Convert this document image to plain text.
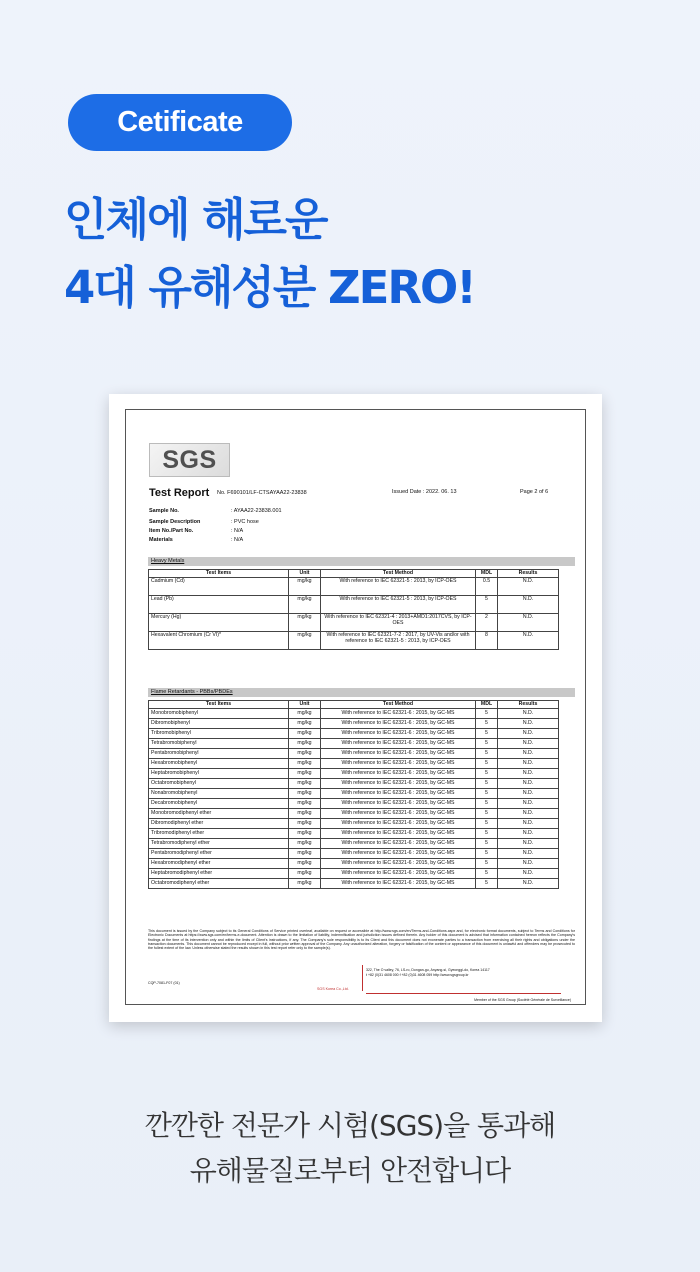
Cetificate
인체에 해로운
4대 유해성분 ZERO!
SGS
Test Report No. F690101/LF-CTSAYAA22-23838	Issued Date : 2022. 06. 13	Page 2 of 6
Sample No.	: AYAA22-23838.001
Sample Description	: PVC hose
Item No./Part No.	: N/A
Materials	: N/A
Heavy Metals
Test Items	Unit	Test Method	MDL	Results
Cadmium (Cd)	mg/kg	With reference to IEC 62321-5 : 2013, by ICP-OES	0.5	N.D.
Lead (Pb)	mg/kg	With reference to IEC 62321-5 : 2013, by ICP-OES	5	N.D.
Mercury (Hg)	mg/kg	With reference to IEC 62321-4 : 2013+AMD1:2017CVS, by ICP-OES	2	N.D.
Hexavalent Chromium (Cr VI)*	mg/kg	With reference to IEC 62321-7-2 : 2017, by UV-Vis and/or with reference to IEC 62321-5 : 2013, by ICP-OES	8	N.D.
Flame Retardants - PBBs/PBDEs
Test Items	Unit	Test Method	MDL	Results
Monobromobiphenyl	mg/kg	With reference to IEC 62321-6 : 2015, by GC-MS	5	N.D.
Dibromobiphenyl	mg/kg	With reference to IEC 62321-6 : 2015, by GC-MS	5	N.D.
Tribromobiphenyl	mg/kg	With reference to IEC 62321-6 : 2015, by GC-MS	5	N.D.
Tetrabromobiphenyl	mg/kg	With reference to IEC 62321-6 : 2015, by GC-MS	5	N.D.
Pentabromobiphenyl	mg/kg	With reference to IEC 62321-6 : 2015, by GC-MS	5	N.D.
Hexabromobiphenyl	mg/kg	With reference to IEC 62321-6 : 2015, by GC-MS	5	N.D.
Heptabromobiphenyl	mg/kg	With reference to IEC 62321-6 : 2015, by GC-MS	5	N.D.
Octabromobiphenyl	mg/kg	With reference to IEC 62321-6 : 2015, by GC-MS	5	N.D.
Nonabromobiphenyl	mg/kg	With reference to IEC 62321-6 : 2015, by GC-MS	5	N.D.
Decabromobiphenyl	mg/kg	With reference to IEC 62321-6 : 2015, by GC-MS	5	N.D.
Monobromodiphenyl ether	mg/kg	With reference to IEC 62321-6 : 2015, by GC-MS	5	N.D.
Dibromodiphenyl ether	mg/kg	With reference to IEC 62321-6 : 2015, by GC-MS	5	N.D.
Tribromodiphenyl ether	mg/kg	With reference to IEC 62321-6 : 2015, by GC-MS	5	N.D.
Tetrabromodiphenyl ether	mg/kg	With reference to IEC 62321-6 : 2015, by GC-MS	5	N.D.
Pentabromodiphenyl ether	mg/kg	With reference to IEC 62321-6 : 2015, by GC-MS	5	N.D.
Hexabromodiphenyl ether	mg/kg	With reference to IEC 62321-6 : 2015, by GC-MS	5	N.D.
Heptabromodiphenyl ether	mg/kg	With reference to IEC 62321-6 : 2015, by GC-MS	5	N.D.
Octabromodiphenyl ether	mg/kg	With reference to IEC 62321-6 : 2015, by GC-MS	5	N.D.
This document is issued by the Company subject to its General Conditions of Service printed overleaf, available on request or accessible at http://www.sgs.com/en/Terms-and-Conditions.aspx and, for electronic format documents, subject to Terms and Conditions for Electronic Documents at https://www.sgs.com/en/terms-e-document. Attention is drawn to the limitation of liability, indemnification and jurisdiction issues defined therein. Any holder of this document is advised that information contained hereon reflects the Company's findings at the time of its intervention only and within the limits of Client's instructions, if any. The Company's sole responsibility is to its Client and this document does not exonerate parties to a transaction from exercising all their rights and obligations under the transaction documents. This document cannot be reproduced except in full, without prior written approval of the Company. Any unauthorized alteration, forgery or falsification of the content or appearance of this document is unlawful and offenders may be prosecuted to the fullest extent of the law. Unless otherwise stated the results shown in this test report refer only to the sample(s).
CQP-7081-F07 (01)
SGS Korea Co.,Ltd.
322, The O valley, 76, LS-ro, Dongan-gu, Anyang-si, Gyeonggi-do, Korea 14117
t +82 (0)31 4608 000 f +82 (0)31 4608 059 http://www.sgsgroup.kr
Member of the SGS Group (Société Générale de Surveillance)
깐깐한 전문가 시험(SGS)을 통과해
유해물질로부터 안전합니다
